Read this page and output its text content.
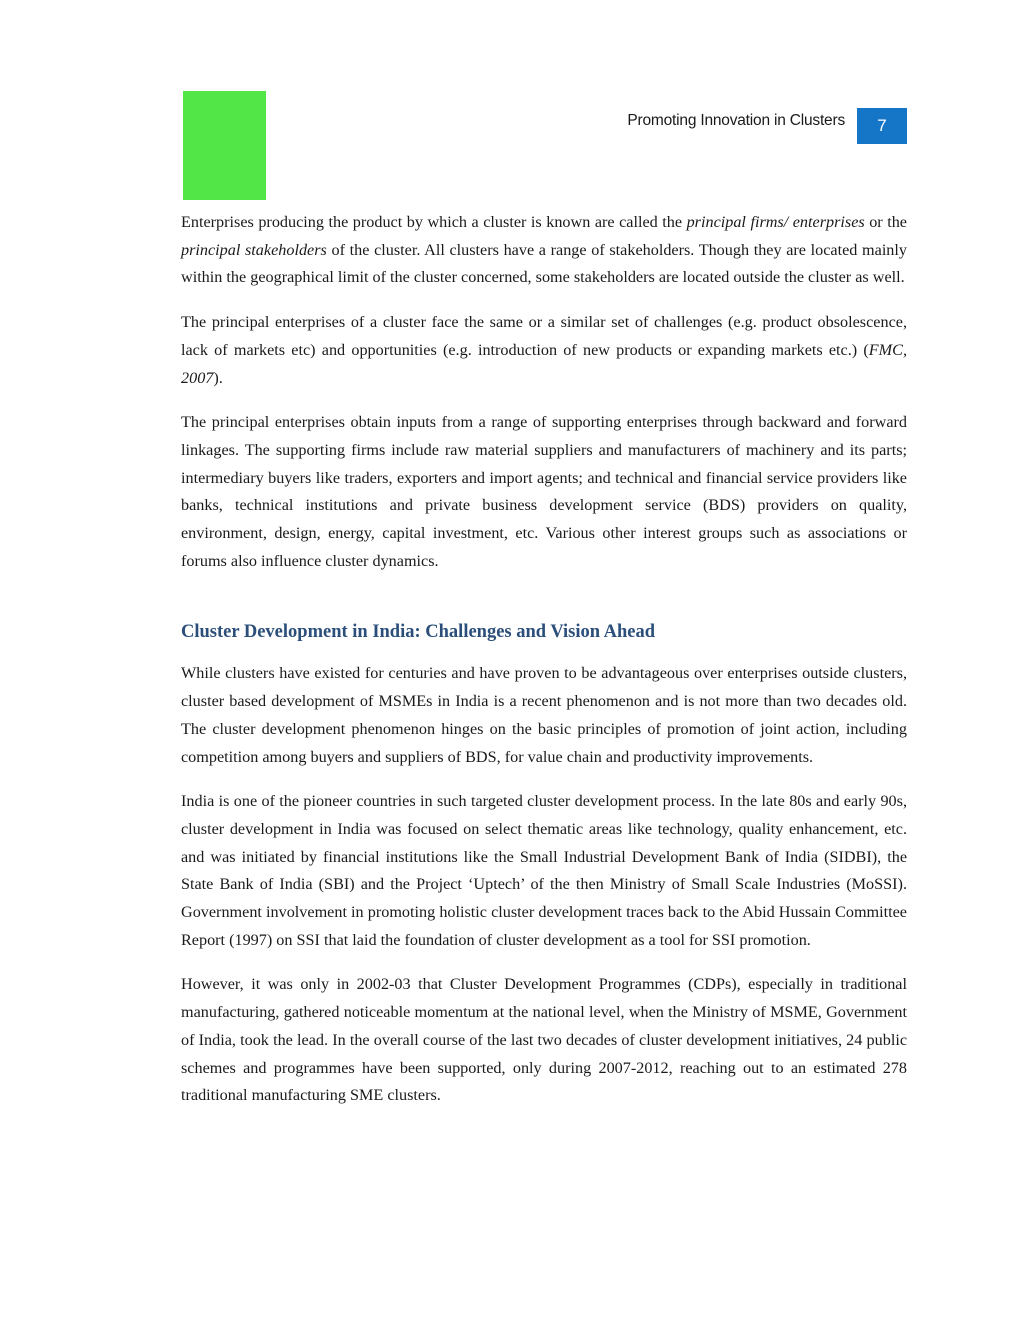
Promoting Innovation in Clusters	7

Enterprises producing the product by which a cluster is known are called the principal firms/ enterprises or the principal stakeholders of the cluster. All clusters have a range of stakeholders. Though they are located mainly within the geographical limit of the cluster concerned, some stakeholders are located outside the cluster as well.

The principal enterprises of a cluster face the same or a similar set of challenges (e.g. product obsolescence, lack of markets etc) and opportunities (e.g. introduction of new products or expanding markets etc.) (FMC, 2007).

The principal enterprises obtain inputs from a range of supporting enterprises through backward and forward linkages. The supporting firms include raw material suppliers and manufacturers of machinery and its parts; intermediary buyers like traders, exporters and import agents; and technical and financial service providers like banks, technical institutions and private business development service (BDS) providers on quality, environment, design, energy, capital investment, etc. Various other interest groups such as associations or forums also influence cluster dynamics.

Cluster Development in India: Challenges and Vision Ahead

While clusters have existed for centuries and have proven to be advantageous over enterprises outside clusters, cluster based development of MSMEs in India is a recent phenomenon and is not more than two decades old. The cluster development phenomenon hinges on the basic principles of promotion of joint action, including competition among buyers and suppliers of BDS, for value chain and productivity improvements.

India is one of the pioneer countries in such targeted cluster development process. In the late 80s and early 90s, cluster development in India was focused on select thematic areas like technology, quality enhancement, etc. and was initiated by financial institutions like the Small Industrial Development Bank of India (SIDBI), the State Bank of India (SBI) and the Project ‘Uptech’ of the then Ministry of Small Scale Industries (MoSSI). Government involvement in promoting holistic cluster development traces back to the Abid Hussain Committee Report (1997) on SSI that laid the foundation of cluster development as a tool for SSI promotion.

However, it was only in 2002-03 that Cluster Development Programmes (CDPs), especially in traditional manufacturing, gathered noticeable momentum at the national level, when the Ministry of MSME, Government of India, took the lead. In the overall course of the last two decades of cluster development initiatives, 24 public schemes and programmes have been supported, only during 2007-2012, reaching out to an estimated 278 traditional manufacturing SME clusters.
